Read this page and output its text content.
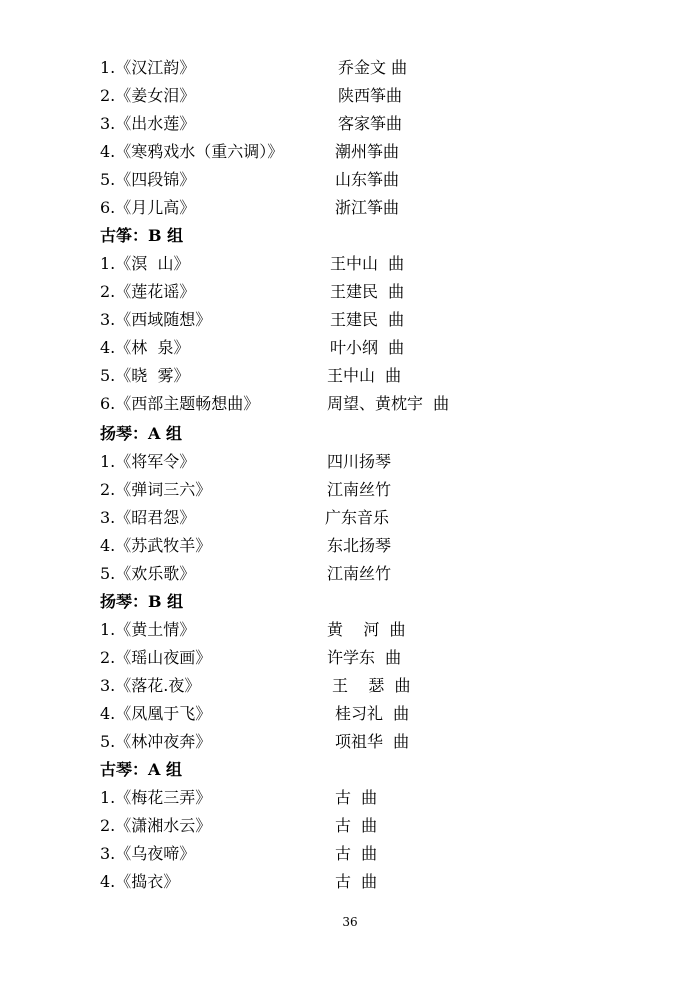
1.《汉江韵》	乔金文 曲
2.《姜女泪》	陕西筝曲
3.《出水莲》	客家筝曲
4.《寒鸦戏水（重六调）》	潮州筝曲
5.《四段锦》	山东筝曲
6.《月儿高》	浙江筝曲
古筝：B 组
1.《溟  山》	王中山  曲
2.《莲花谣》	王建民  曲
3.《西域随想》	王建民  曲
4.《林  泉》	叶小纲  曲
5.《晓  雾》	王中山  曲
6.《西部主题畅想曲》	周望、黄枕宇  曲
扬琴：A 组
1.《将军令》	四川扬琴
2.《弹词三六》	江南丝竹
3.《昭君怨》	广东音乐
4.《苏武牧羊》	东北扬琴
5.《欢乐歌》	江南丝竹
扬琴：B 组
1.《黄土情》	黄    河  曲
2.《瑶山夜画》	许学东  曲
3.《落花.夜》	王    瑟  曲
4.《凤凰于飞》	桂习礼  曲
5.《林冲夜奔》	项祖华  曲
古琴：A 组
1.《梅花三弄》	古  曲
2.《潇湘水云》	古  曲
3.《乌夜啼》	古  曲
4.《捣衣》	古  曲
36
